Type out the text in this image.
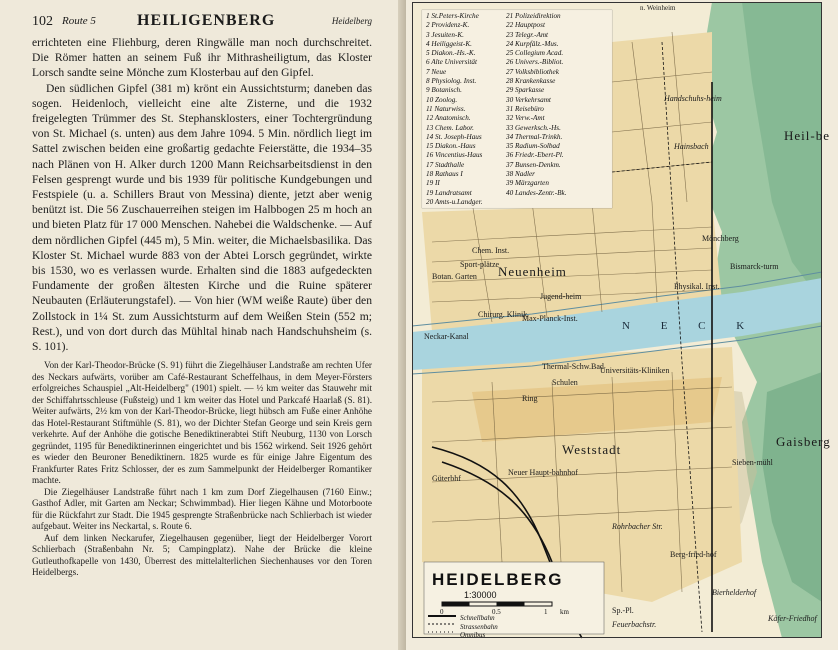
102 Route 5	HEILIGENBERG	Heidelberg

errichteten eine Fliehburg, deren Ringwälle man noch durchschreitet. Die Römer hatten an seinem Fuß ihr Mithrasheiligtum, das Kloster Lorsch sandte seine Mönche zum Klosterbau auf den Gipfel.

Den südlichen Gipfel (381 m) krönt ein Aussichtsturm; daneben das sogen. Heidenloch, vielleicht eine alte Zisterne, und die 1932 freigelegten Trümmer des St. Stephansklosters, einer Tochtergründung von St. Michael (s. unten) aus dem Jahre 1094. 5 Min. nördlich liegt im Sattel zwischen beiden eine großartig gedachte Feierstätte, die 1934–35 nach Plänen von H. Alker durch 1200 Mann Reichsarbeitsdienst in den Felsen gesprengt wurde und bis 1939 für politische Kundgebungen und Festspiele (u. a. Schillers Braut von Messina) diente, jetzt aber wenig benützt ist. Die 56 Zuschauerreihen steigen im Halbbogen 25 m hoch an und bieten Platz für 17 000 Menschen. Nahebei die Waldschenke. — Auf dem nördlichen Gipfel (445 m), 5 Min. weiter, die Michaelsbasilika. Das Kloster St. Michael wurde 883 von der Abtei Lorsch gegründet, wirkte bis 1530, wo es verlassen wurde. Erhalten sind die 1883 aufgedeckten Fundamente der großen ältesten Kirche und die Ruine späterer Neubauten (Erläuterungstafel). — Von hier (WM weiße Raute) über den Zollstock in 1¼ St. zum Aussichtsturm auf dem Weißen Stein (552 m; Rest.), und von dort durch das Mühltal hinab nach Handschuhsheim (s. S. 101).

Von der Karl-Theodor-Brücke (S. 91) führt die Ziegelhäuser Landstraße am rechten Ufer des Neckars aufwärts, vorüber am Café-Restaurant Scheffelhaus, in dem Meyer-Försters erfolgreiches Schauspiel „Alt-Heidelberg" (1901) spielt. — ½ km weiter das Stauwehr mit der Schiffahrtsschleuse (Fußsteig) und 1 km weiter das Hotel und Parkcafé Haarlaß (S. 81). Weiter aufwärts, 2½ km von der Karl-Theodor-Brücke, liegt hübsch am Fuße einer Anhöhe das Hotel-Restaurant Stiftmühle (S. 81), wo der Dichter Stefan George und sein Kreis gern verkehrte. Auf der Anhöhe die gotische Benediktinerabtei Stift Neuburg, 1130 von Lorsch gegründet, 1195 für Benediktinerinnen eingerichtet und bis 1562 wirkend. Seit 1926 gehört es wieder den Beuroner Benediktinern. 1825 wurde es für einige Jahre Eigentum des Frankfurter Rates Fritz Schlosser, der es zum Sammelpunkt der Heidelberger Romantiker machte.

Die Ziegelhäuser Landstraße führt nach 1 km zum Dorf Ziegelhausen (7160 Einw.; Gasthof Adler, mit Garten am Neckar; Schwimmbad). Hier liegen Kähne und Motorboote für die Rückfahrt zur Stadt. Die 1945 gesprengte Straßenbrücke nach Schlierbach ist wieder aufgebaut. Weiter ins Neckartal, s. Route 6.

Auf dem linken Neckarufer, Ziegelhausen gegenüber, liegt der Heidelberger Vorort Schlierbach (Straßenbahn Nr. 5; Campingplatz). Nahe der Brücke die kleine Gutleuthofkapelle von 1430, Überrest des mittelalterlichen Siechenhauses vor den Toren Heidelbergs.

1 St.Peters-Kirche
2 Providenz-K.
3 Jesuiten-K.
4 Heiliggeist-K.
5 Diakon.-Hs.-K.
6 Alte Universität
7 Neue
8 Physiolog. Inst.
9 Botanisch.
10 Zoolog.
11 Naturwiss.
12 Anatomisch.
13 Chem. Labor.
14 St. Joseph-Haus
15 Diakon.-Haus
16 Vincentius-Haus
17 Stadthalle
18 Rathaus I
19 II
19 Landratsamt
20 Amts-u.Landger.
21 Polizeidirektion
22 Hauptpost
23 Telegr.-Amt
24 Kurpfälz.-Mus.
25 Collegium Acad.
26 Univers.-Bibliot.
27 Volksbibliothek
28 Krankenkasse
29 Sparkasse
30 Verkehrsamt
31 Reisebüro
32 Verw.-Amt
33 Gewerksch.-Hs.
34 Thermal-Trinkh.
35 Radium-Solbad
36 Friedr.-Ebert-Pl.
37 Bunsen-Denkm.
38 Nadler
39 Märzgarten
40 Landes-Zentr.-Bk.
n. Weinheim
Handschuhs-heim
Neuenheim
N E C K
Neckar-Kanal
Universitäts-Kliniken
Chirurg. Klinik
Max-Planck-Inst.
Thermal-Schw.Bad
Schulen
Ring
Güterbhf
Neuer Haupt-bahnhof
Botan. Garten
Sport-plätze
Chem. Inst.
Jugend-heim
Hainsbach
Mönchberg
Bismarck-turm
Heil-be
Physikal. Inst.
Gaisberg
Sieben-mühl
Berg-fried-hof
Käfer-Friedhof
Rohrbacher Str.
Bierhelderhof
Feuerbachstr.
Weststadt
Sp.-Pl.
HEIDELBERG
1:30000
0	0.5	1 km
Schnellbahn
Strassenbahn
Omnibus
